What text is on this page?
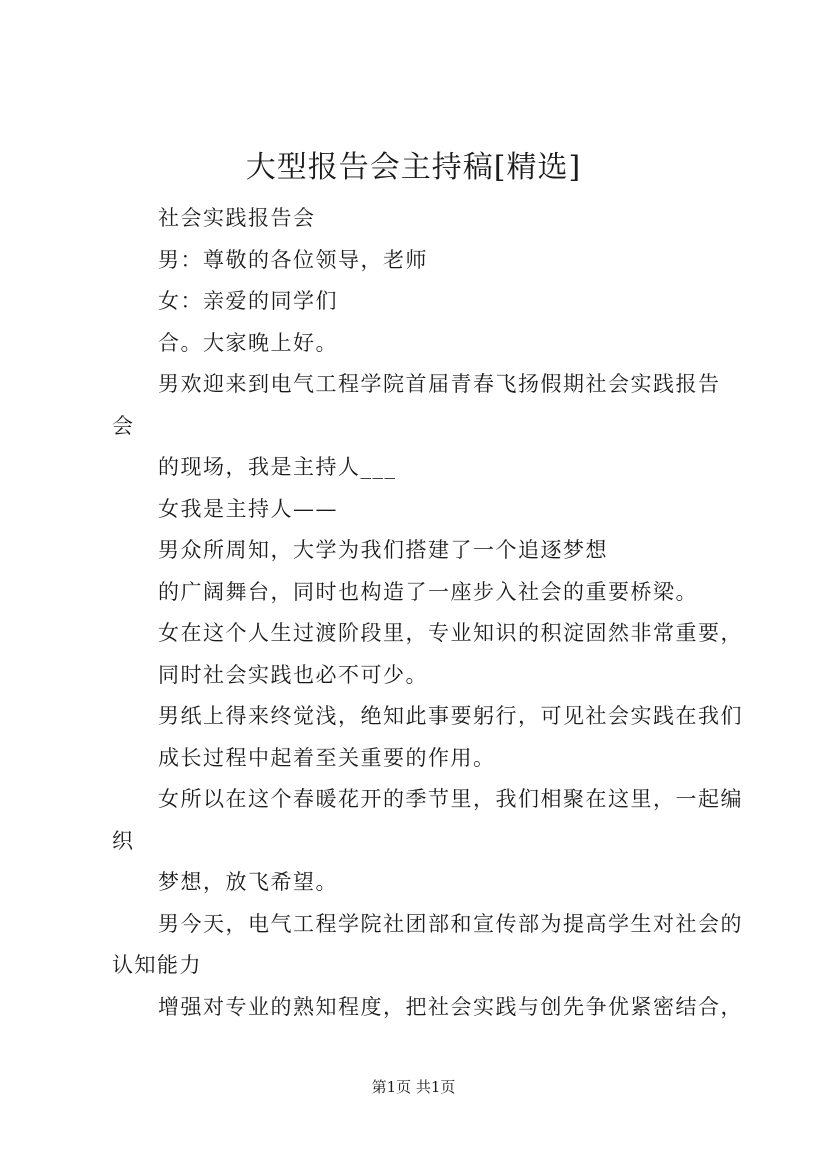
大型报告会主持稿[精选]
社会实践报告会
男：尊敬的各位领导，老师
女：亲爱的同学们
合。大家晚上好。
男欢迎来到电气工程学院首届青春飞扬假期社会实践报告
会
的现场，我是主持人___
女我是主持人——
男众所周知，大学为我们搭建了一个追逐梦想
的广阔舞台，同时也构造了一座步入社会的重要桥梁。
女在这个人生过渡阶段里，专业知识的积淀固然非常重要，
同时社会实践也必不可少。
男纸上得来终觉浅，绝知此事要躬行，可见社会实践在我们
成长过程中起着至关重要的作用。
女所以在这个春暖花开的季节里，我们相聚在这里，一起编
织
梦想，放飞希望。
男今天，电气工程学院社团部和宣传部为提高学生对社会的
认知能力
增强对专业的熟知程度，把社会实践与创先争优紧密结合，
第1页 共1页
